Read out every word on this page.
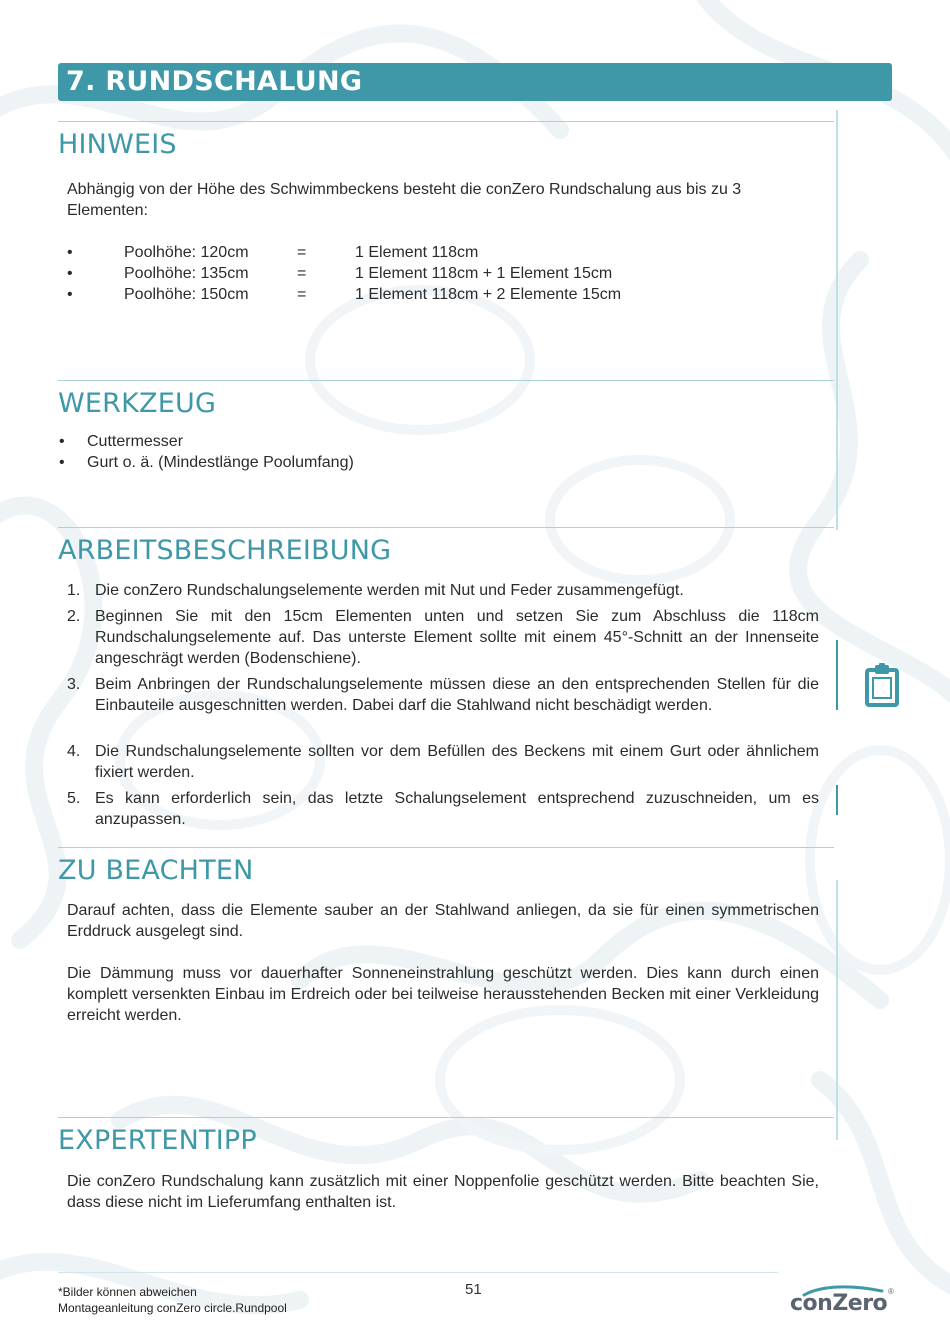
7. RUNDSCHALUNG
HINWEIS
Abhängig von der Höhe des Schwimmbeckens besteht die conZero Rundschalung aus bis zu 3 Elementen:
•	Poolhöhe: 120cm	=	1 Element 118cm
•	Poolhöhe: 135cm	=	1 Element 118cm + 1 Element 15cm
•	Poolhöhe: 150cm	=	1 Element 118cm + 2 Elemente 15cm
WERKZEUG
• Cuttermesser
• Gurt o. ä. (Mindestlänge Poolumfang)
ARBEITSBESCHREIBUNG
1. Die conZero Rundschalungselemente werden mit Nut und Feder zusammengefügt.
2. Beginnen Sie mit den 15cm Elementen unten und setzen Sie zum Abschluss die 118cm Rundschalungselemente auf. Das unterste Element sollte mit einem 45°-Schnitt an der Innenseite angeschrägt werden (Bodenschiene).
3. Beim Anbringen der Rundschalungselemente müssen diese an den entsprechenden Stellen für die Einbauteile ausgeschnitten werden. Dabei darf die Stahlwand nicht beschädigt werden.
4. Die Rundschalungselemente sollten vor dem Befüllen des Beckens mit einem Gurt oder ähnlichem fixiert werden.
5. Es kann erforderlich sein, das letzte Schalungselement entsprechend zuzuschneiden, um es anzupassen.
ZU BEACHTEN
Darauf achten, dass die Elemente sauber an der Stahlwand anliegen, da sie für einen symmetrischen Erddruck ausgelegt sind.
Die Dämmung muss vor dauerhafter Sonneneinstrahlung geschützt werden. Dies kann durch einen komplett versenkten Einbau im Erdreich oder bei teilweise herausstehenden Becken mit einer Verkleidung erreicht werden.
EXPERTENTIPP
Die conZero Rundschalung kann zusätzlich mit einer Noppenfolie geschützt werden. Bitte beachten Sie, dass diese nicht im Lieferumfang enthalten ist.
*Bilder können abweichen
Montageanleitung conZero circle.Rundpool
51
conZero ®
